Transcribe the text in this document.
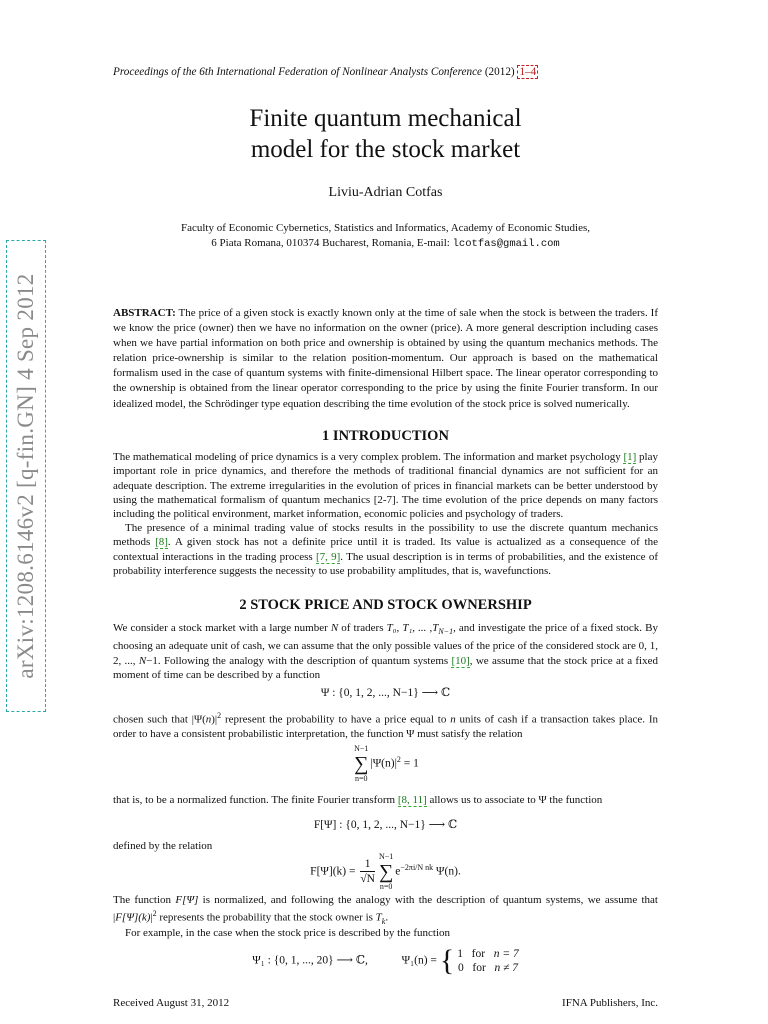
arXiv:1208.6146v2 [q-fin.GN] 4 Sep 2012
Proceedings of the 6th International Federation of Nonlinear Analysts Conference (2012) 1–4
Finite quantum mechanical
model for the stock market
Liviu-Adrian Cotfas
Faculty of Economic Cybernetics, Statistics and Informatics, Academy of Economic Studies,
6 Piata Romana, 010374 Bucharest, Romania, E-mail: lcotfas@gmail.com
ABSTRACT: The price of a given stock is exactly known only at the time of sale when the stock is between the traders. If we know the price (owner) then we have no information on the owner (price). A more general description including cases when we have partial information on both price and ownership is obtained by using the quantum mechanics methods. The relation price-ownership is similar to the relation position-momentum. Our approach is based on the mathematical formalism used in the case of quantum systems with finite-dimensional Hilbert space. The linear operator corresponding to the ownership is obtained from the linear operator corresponding to the price by using the finite Fourier transform. In our idealized model, the Schrödinger type equation describing the time evolution of the stock price is solved numerically.
1 INTRODUCTION
The mathematical modeling of price dynamics is a very complex problem. The information and market psychology [1] play important role in price dynamics, and therefore the methods of traditional financial dynamics are not sufficient for an adequate description. The extreme irregularities in the evolution of prices in financial markets can be better understood by using the mathematical formalism of quantum mechanics [2-7]. The time evolution of the price depends on many factors including the political environment, market information, economic policies and psychology of traders.
The presence of a minimal trading value of stocks results in the possibility to use the discrete quantum mechanics methods [8]. A given stock has not a definite price until it is traded. Its value is actualized as a consequence of the contextual interactions in the trading process [7, 9]. The usual description is in terms of probabilities, and the existence of probability interference suggests the necessity to use probability amplitudes, that is, wavefunctions.
2 STOCK PRICE AND STOCK OWNERSHIP
We consider a stock market with a large number N of traders T₀, T₁, ... $,T_{N-1}$, and investigate the price of a fixed stock. By choosing an adequate unit of cash, we can assume that the only possible values of the price of the considered stock are 0, 1, 2, ..., N−1. Following the analogy with the description of quantum systems [10], we assume that the stock price at a fixed moment of time can be described by a function
Ψ : {0, 1, 2, ..., N−1} ⟶ ℂ
chosen such that $|\Psi(n)|^2$ represent the probability to have a price equal to n units of cash if a transaction takes place. In order to have a consistent probabilistic interpretation, the function Ψ must satisfy the relation
N−1
∑
n=0
$|\Psi(n)|^2 = 1$
that is, to be a normalized function. The finite Fourier transform [8, 11] allows us to associate to Ψ the function
F[Ψ] : {0, 1, 2, ..., N−1} ⟶ ℂ
defined by the relation
$F[\Psi](k) = \frac{1}{√N}$
N−1
∑
n=0
$e^{-2\pi i/N nk}$ Ψ(n).
The function F[Ψ] is normalized, and following the analogy with the description of quantum systems, we assume that $|F[\Psi](k)|^2$ represents the probability that the stock owner is $T_k$.
For example, in the case when the stock price is described by the function
Ψ₁ : {0, 1, ..., 20} ⟶ ℂ,	Ψ₁(n) = { 1 for n = 7
0 for n ≠ 7
Received August 31, 2012	IFNA Publishers, Inc.
